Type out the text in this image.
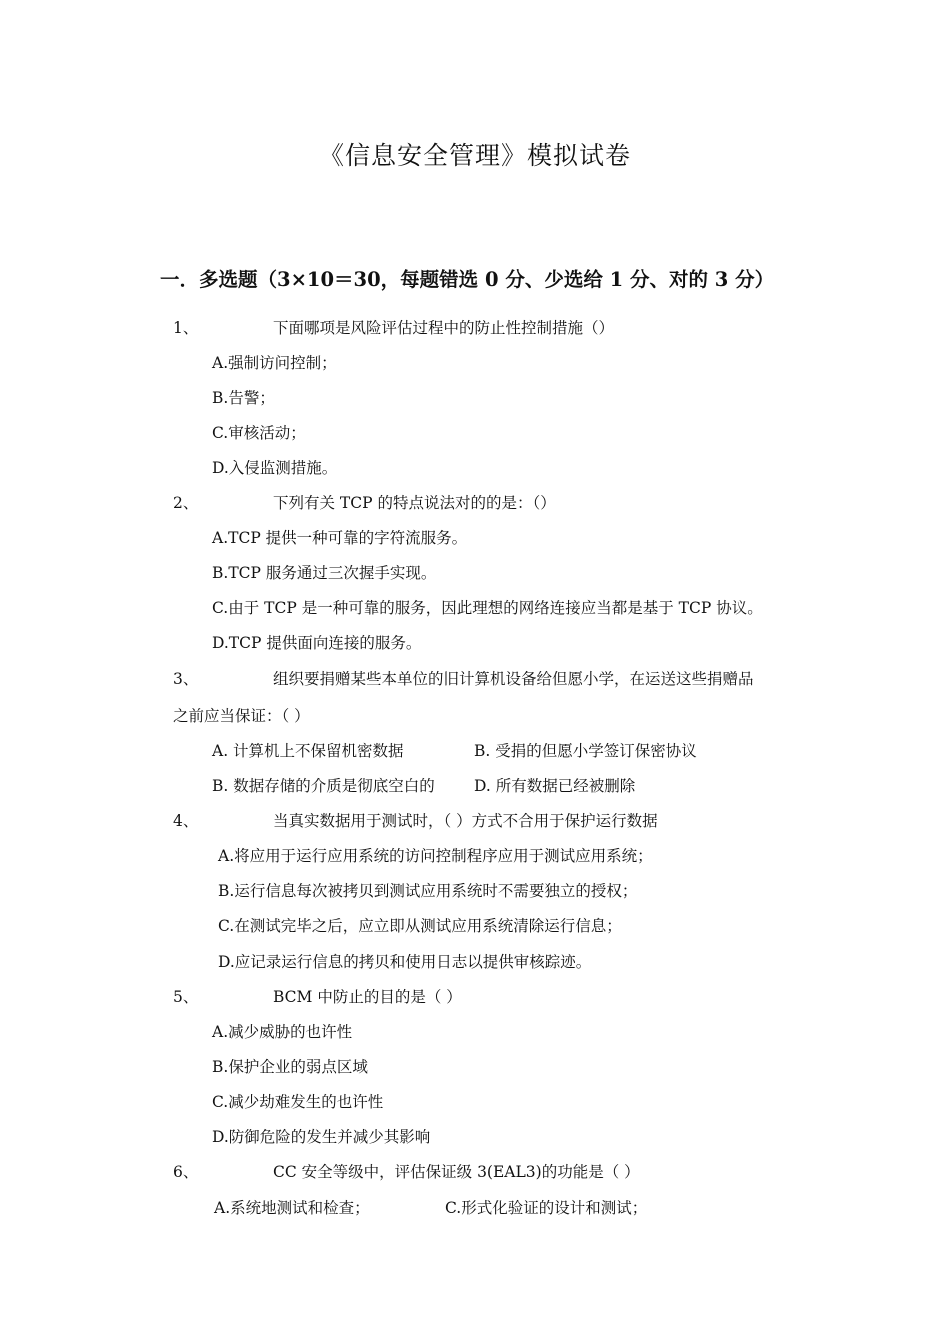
《信息安全管理》模拟试卷
一．多选题（3×10＝30，每题错选 0 分、少选给 1 分、对的 3 分）
1、	下面哪项是风险评估过程中的防止性控制措施（）
A.强制访问控制；
B.告警；
C.审核活动；
D.入侵监测措施。
2、	下列有关 TCP 的特点说法对的的是：（）
A.TCP 提供一种可靠的字符流服务。
B.TCP 服务通过三次握手实现。
C.由于 TCP 是一种可靠的服务，因此理想的网络连接应当都是基于 TCP 协议。
D.TCP 提供面向连接的服务。
3、	组织要捐赠某些本单位的旧计算机设备给但愿小学，在运送这些捐赠品
之前应当保证：（ ）
A. 计算机上不保留机密数据	B. 受捐的但愿小学签订保密协议
B. 数据存储的介质是彻底空白的	D. 所有数据已经被删除
4、	当真实数据用于测试时，（ ）方式不合用于保护运行数据
A.将应用于运行应用系统的访问控制程序应用于测试应用系统；
B.运行信息每次被拷贝到测试应用系统时不需要独立的授权；
C.在测试完毕之后，应立即从测试应用系统清除运行信息；
D.应记录运行信息的拷贝和使用日志以提供审核踪迹。
5、	BCM 中防止的目的是（ ）
A.减少威胁的也许性
B.保护企业的弱点区域
C.减少劫难发生的也许性
D.防御危险的发生并减少其影响
6、	CC 安全等级中，评估保证级 3(EAL3)的功能是（ ）
A.系统地测试和检查；	C.形式化验证的设计和测试；
